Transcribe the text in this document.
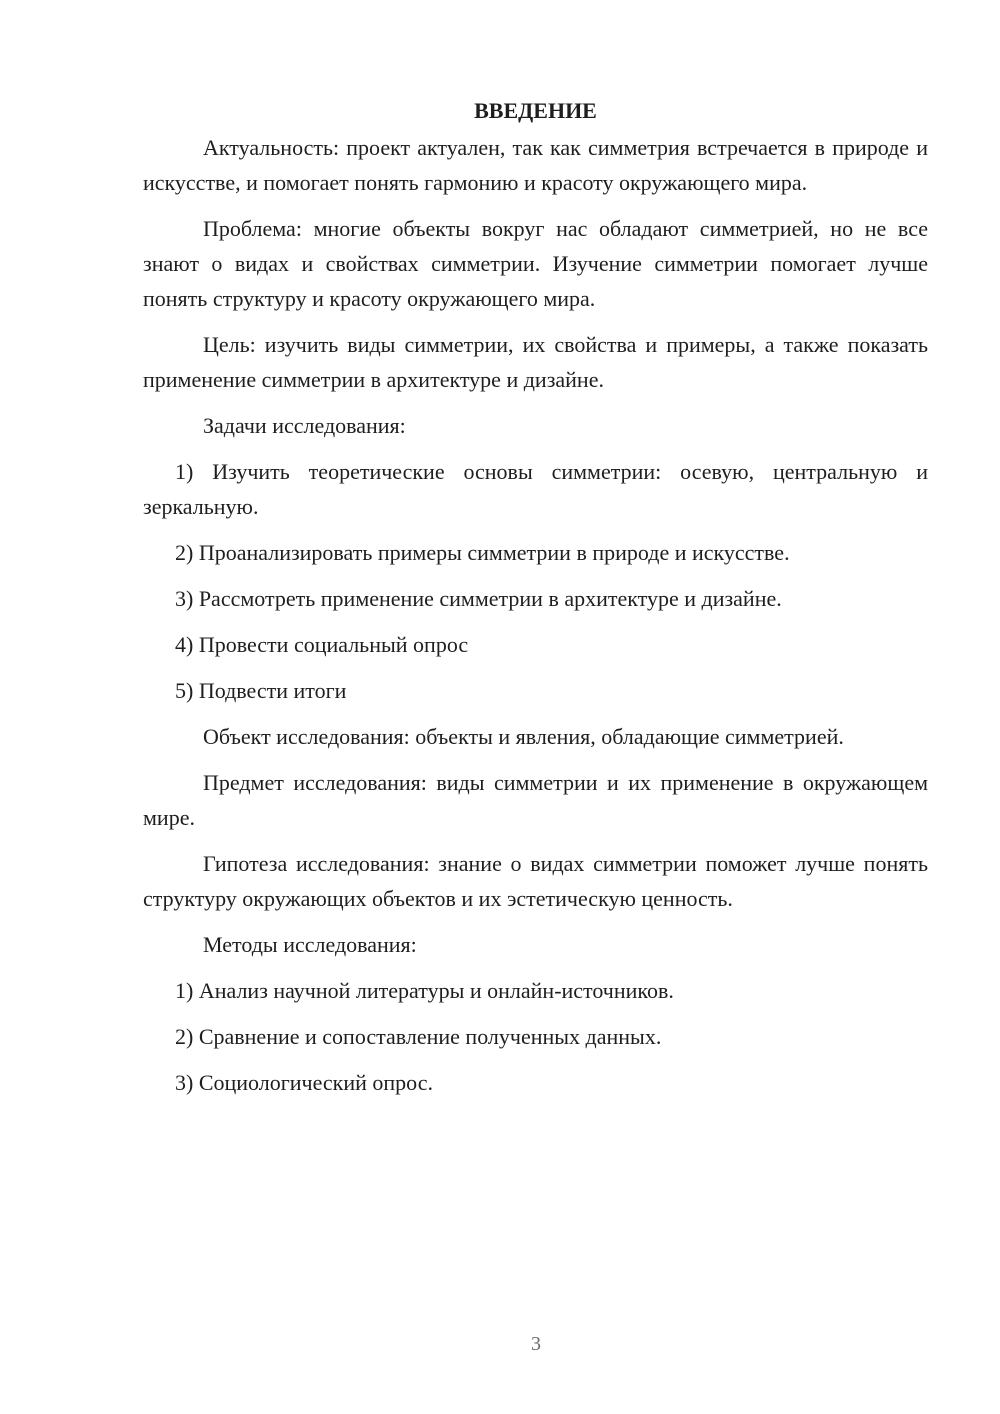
ВВЕДЕНИЕ

Актуальность: проект актуален, так как симметрия встречается в природе и искусстве, и помогает понять гармонию и красоту окружающего мира.

Проблема: многие объекты вокруг нас обладают симметрией, но не все знают о видах и свойствах симметрии. Изучение симметрии помогает лучше понять структуру и красоту окружающего мира.

Цель: изучить виды симметрии, их свойства и примеры, а также показать применение симметрии в архитектуре и дизайне.

Задачи исследования:

1) Изучить теоретические основы симметрии: осевую, центральную и зеркальную.

2) Проанализировать примеры симметрии в природе и искусстве.

3) Рассмотреть применение симметрии в архитектуре и дизайне.

4) Провести социальный опрос

5) Подвести итоги

Объект исследования: объекты и явления, обладающие симметрией.

Предмет исследования: виды симметрии и их применение в окружающем мире.

Гипотеза исследования: знание о видах симметрии поможет лучше понять структуру окружающих объектов и их эстетическую ценность.

Методы исследования:

1) Анализ научной литературы и онлайн-источников.

2) Сравнение и сопоставление полученных данных.

3) Социологический опрос.

3
